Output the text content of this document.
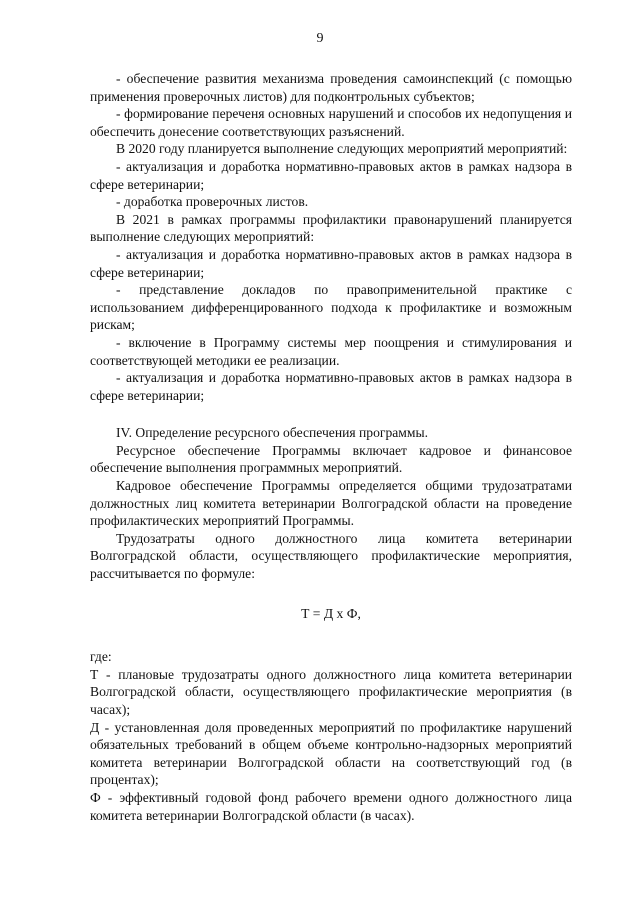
9

- обеспечение развития механизма проведения самоинспекций (с помощью применения проверочных листов) для подконтрольных субъектов;

- формирование переченя основных нарушений и способов их недопущения и обеспечить донесение соответствующих разъяснений.

В 2020 году планируется выполнение следующих мероприятий мероприятий:

- актуализация и доработка нормативно-правовых актов в рамках надзора в сфере ветеринарии;

- доработка проверочных листов.

В 2021 в рамках программы профилактики правонарушений планируется выполнение следующих мероприятий:

- актуализация и доработка нормативно-правовых актов в рамках надзора в сфере ветеринарии;

- представление докладов по правоприменительной практике с использованием дифференцированного подхода к профилактике и возможным рискам;

- включение в Программу системы мер поощрения и стимулирования и соответствующей методики ее реализации.

- актуализация и доработка нормативно-правовых актов в рамках надзора в сфере ветеринарии;

IV. Определение ресурсного обеспечения программы.

Ресурсное обеспечение Программы включает кадровое и финансовое обеспечение выполнения программных мероприятий.

Кадровое обеспечение Программы определяется общими трудозатратами должностных лиц комитета ветеринарии Волгоградской области на проведение профилактических мероприятий Программы.

Трудозатраты одного должностного лица комитета ветеринарии Волгоградской области, осуществляющего профилактические мероприятия, рассчитывается по формуле:

Т = Д х Ф,

где:

Т - плановые трудозатраты одного должностного лица комитета ветеринарии Волгоградской области, осуществляющего профилактические мероприятия (в часах);

Д - установленная доля проведенных мероприятий по профилактике нарушений обязательных требований в общем объеме контрольно-надзорных мероприятий комитета ветеринарии Волгоградской области на соответствующий год (в процентах);

Ф - эффективный годовой фонд рабочего времени одного должностного лица комитета ветеринарии Волгоградской области (в часах).
